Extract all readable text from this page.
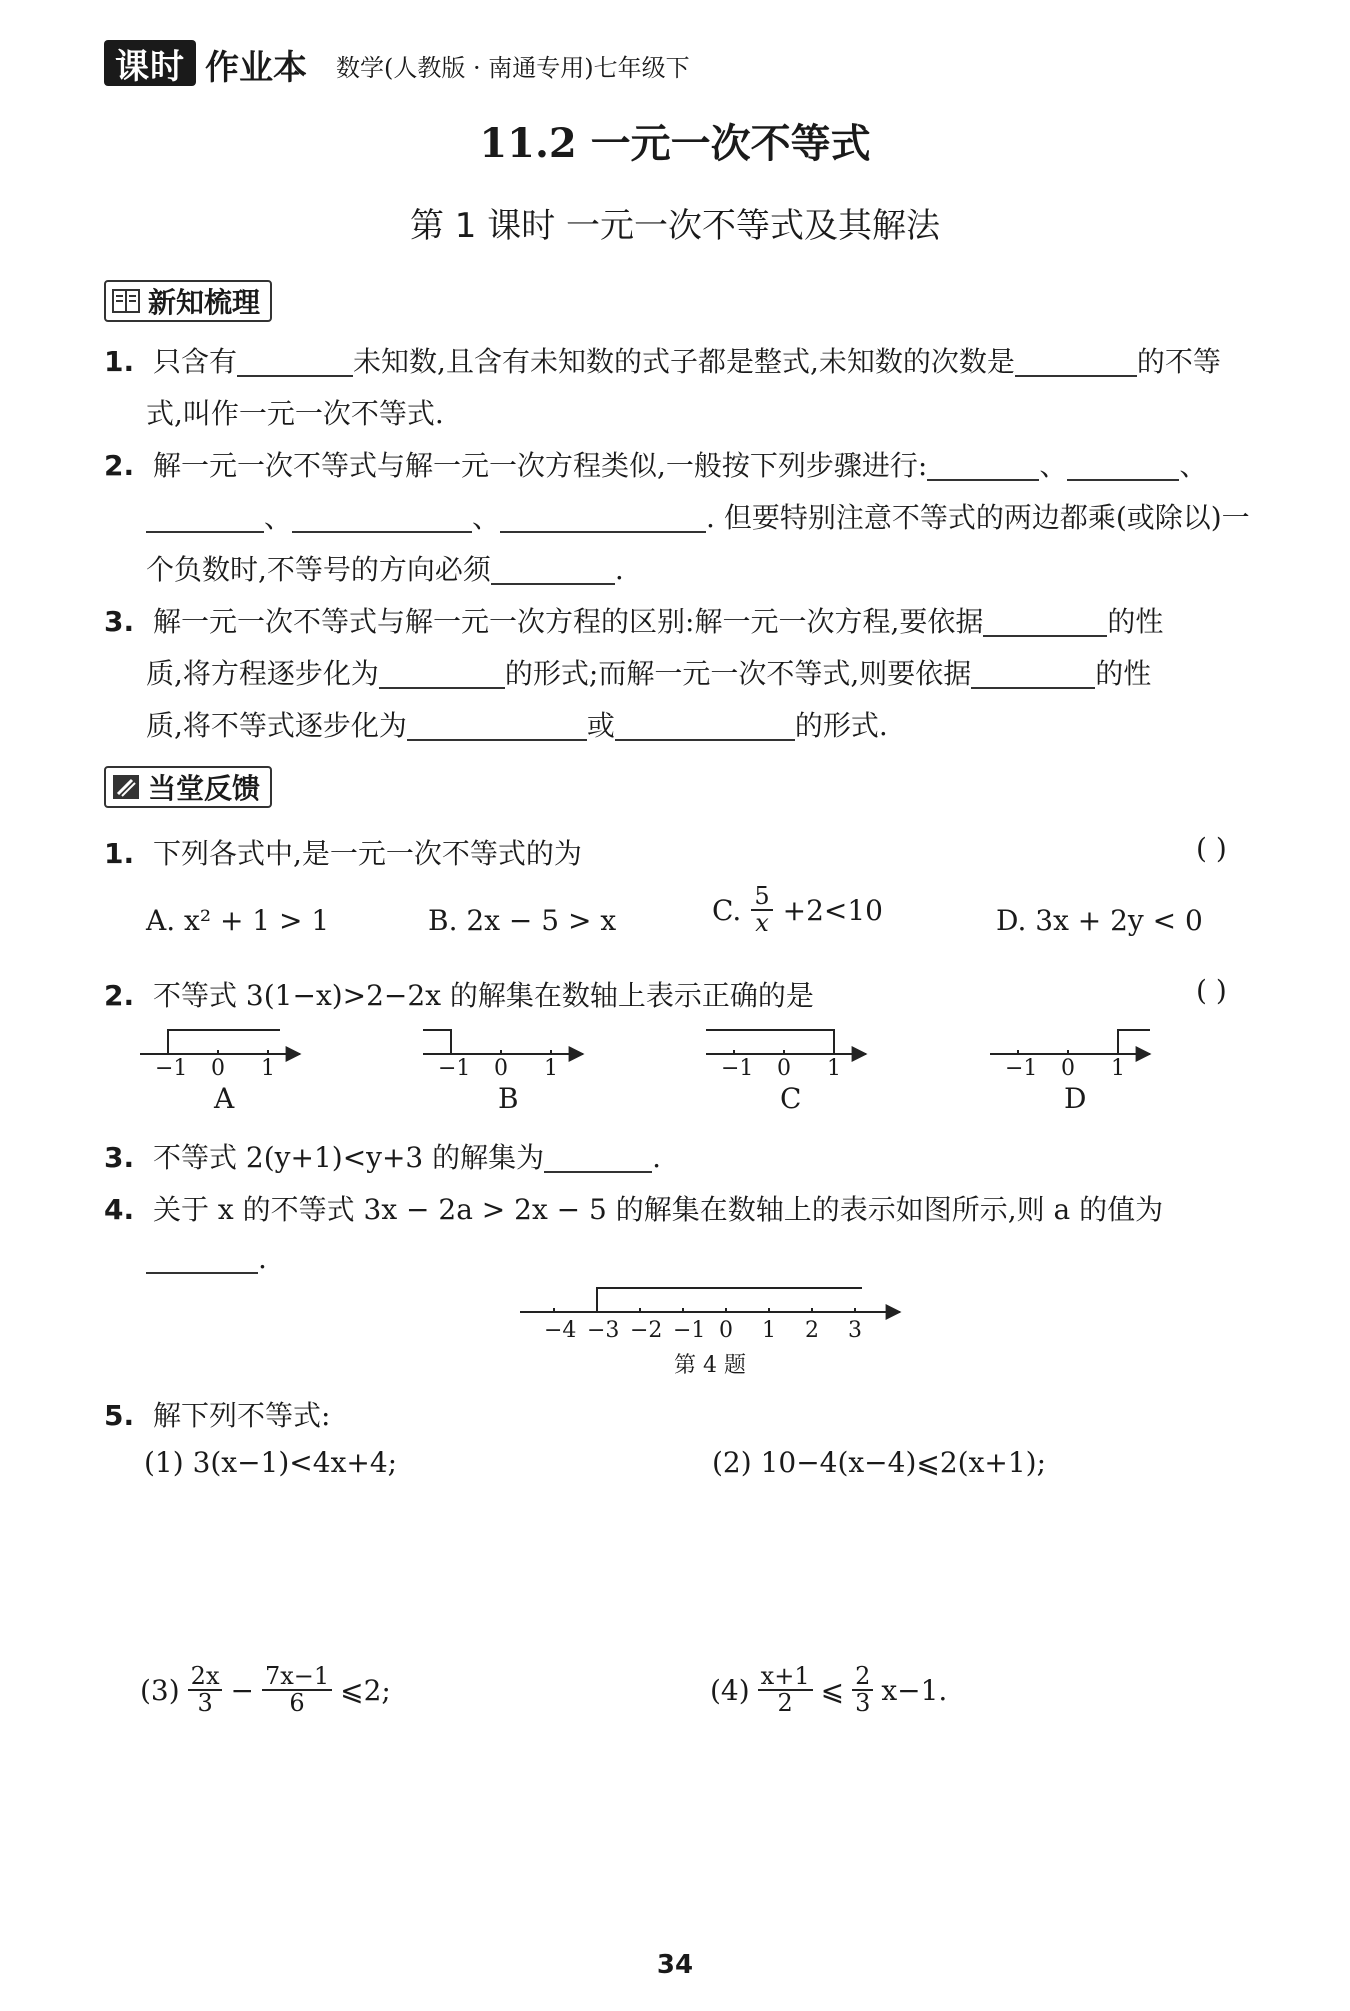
课时 作业本 数学(人教版 · 南通专用)七年级下
11.2 一元一次不等式
第 1 课时 一元一次不等式及其解法
新知梳理
1. 只含有	未知数,且含有未知数的式子都是整式,未知数的次数是	的不等
式,叫作一元一次不等式.
2. 解一元一次不等式与解一元一次方程类似,一般按下列步骤进行:	、	、
、	、	. 但要特别注意不等式的两边都乘(或除以)一
个负数时,不等号的方向必须	.
3. 解一元一次不等式与解一元一次方程的区别:解一元一次方程,要依据	的性
质,将方程逐步化为	的形式;而解一元一次不等式,则要依据	的性
质,将不等式逐步化为	或	的形式.
当堂反馈
1. 下列各式中,是一元一次不等式的为	( )
A. x² + 1 > 1	B. 2x − 5 > x	C. $\frac{5}{x} +2<10$	D. 3x + 2y < 0
2. 不等式 3(1−x)>2−2x 的解集在数轴上表示正确的是	( )
−1 0 1
A
−1 0 1
B
−1 0 1
C
−1 0 1
D
3. 不等式 2(y+1)<y+3 的解集为	.
4. 关于 x 的不等式 3x − 2a > 2x − 5 的解集在数轴上的表示如图所示,则 a 的值为
.
−4 −3 −2 −1 0 1 2 3
第 4 题
5. 解下列不等式:
(1) 3(x−1)<4x+4;	(2) 10−4(x−4)⩽2(x+1);
$(3) \frac{2x}{3} - \frac{7x-1}{6}$ ⩽2;	$(4) \frac{x+1}{2}$ ⩽ $\frac{2}{3} x-1$.
34
